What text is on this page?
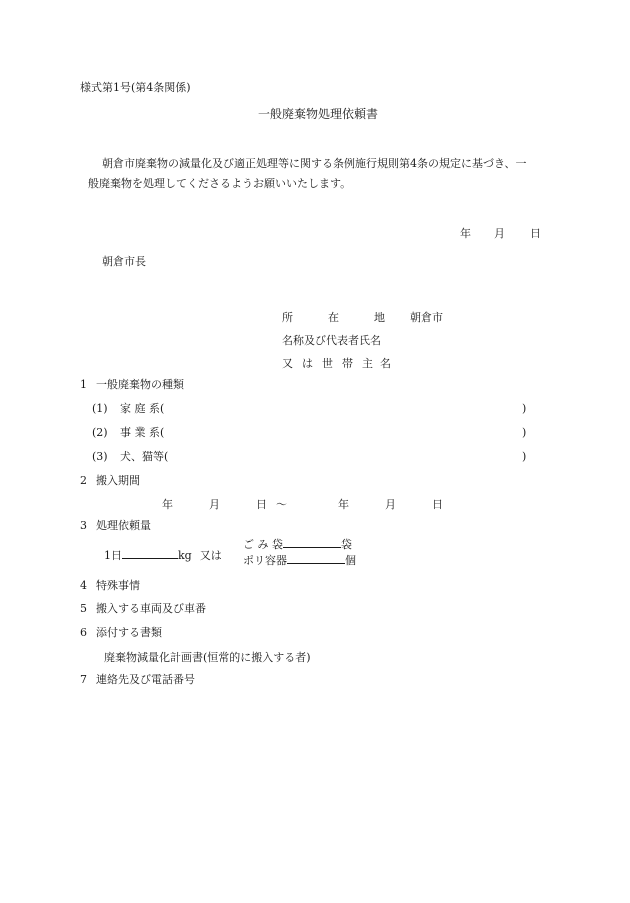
様式第1号(第4条関係)
一般廃棄物処理依頼書
朝倉市廃棄物の減量化及び適正処理等に関する条例施行規則第4条の規定に基づき、一
般廃棄物を処理してくださるようお願いいたします。
年 月 日
朝倉市長
所	在	地 朝倉市
名称及び代表者氏名
又 は 世 帯 主 名
1 一般廃棄物の種類
(1) 家 庭 系(	)
(2) 事 業 系(	)
(3) 犬、猫等(	)
2 搬入期間
年	月	日 〜	年	月	日
3 処理依頼量
1日	kg 又は
ご み 袋	袋
ポリ容器	個
4 特殊事情
5 搬入する車両及び車番
6 添付する書類
廃棄物減量化計画書(恒常的に搬入する者)
7 連絡先及び電話番号
